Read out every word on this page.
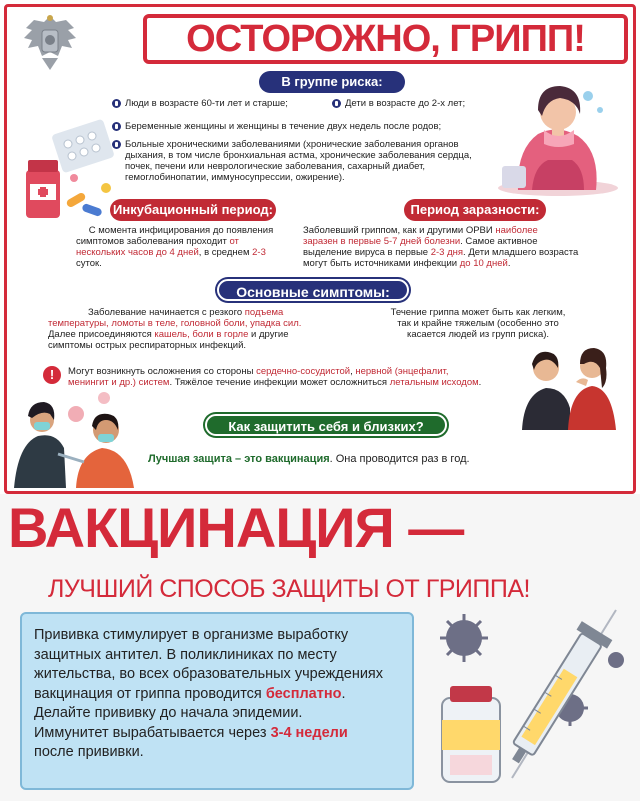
ОСТОРОЖНО, ГРИПП!
В группе риска:
Люди в возрасте 60-ти лет и старше;	Дети в возрасте до 2-х лет;
Беременные женщины и женщины в течение двух недель после родов;
Больные хроническими заболеваниями (хронические заболевания органов
дыхания, в том числе бронхиальная астма, хронические заболевания сердца,
почек, печени или неврологические заболевания, сахарный диабет,
гемоглобинопатии, иммуносупрессии, ожирение).
Инкубационный период:
С момента инфицирования до появления
симптомов заболевания проходит от
нескольких часов до 4 дней, в среднем 2-3
суток.
Период заразности:
Заболевший гриппом, как и другими ОРВИ наиболее
заразен в первые 5-7 дней болезни. Самое активное
выделение вируса в первые 2-3 дня. Дети младшего возраста
могут быть источниками инфекции до 10 дней.
Основные симптомы:
Заболевание начинается с резкого подъема
температуры, ломоты в теле, головной боли, упадка сил.
Далее присоединяются кашель, боли в горле и другие
симптомы острых респираторных инфекций.
Течение гриппа может быть как легким,
так и крайне тяжелым (особенно это
касается людей из групп риска).
!	Могут возникнуть осложнения со стороны сердечно-сосудистой, нервной (энцефалит,
менингит и др.) систем. Тяжёлое течение инфекции может осложниться летальным исходом.
Как защитить себя и близких?
Лучшая защита – это вакцинация. Она проводится раз в год.
ВАКЦИНАЦИЯ —
ЛУЧШИЙ СПОСОБ ЗАЩИТЫ ОТ ГРИППА!
Прививка стимулирует в организме выработку
защитных антител. В поликлиниках по месту
жительства, во всех образовательных учреждениях
вакцинация от гриппа проводится бесплатно.
Делайте прививку до начала эпидемии.
Иммунитет вырабатывается через 3-4 недели
после прививки.
